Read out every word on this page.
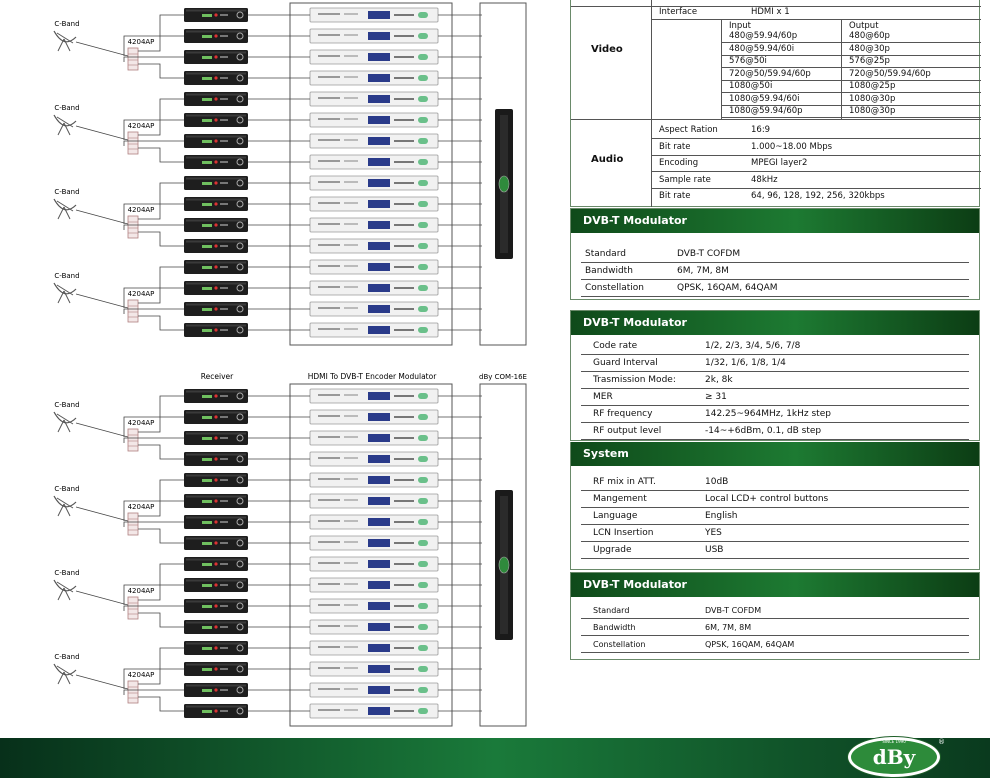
C-Band
4204AP
C-Band
4204AP
C-Band
4204AP
C-Band
4204AP
Receiver	HDMI To DVB-T Encoder Modulator	dBy COM-16E
C-Band
4204AP
C-Band
4204AP
C-Band
4204AP
C-Band
4204AP
Interface	HDMI x 1
Video
Input	Output
480@59.94/60p	480@60p
480@59.94/60i	480@30p
576@50i	576@25p
720@50/59.94/60p	720@50/59.94/60p
1080@50i	1080@25p
1080@59.94/60i	1080@30p
1080@59.94/60p	1080@30p
Audio
Aspect Ration	16:9
Bit rate	1.000~18.00 Mbps
Encoding	MPEGI layer2
Sample rate	48kHz
Bit rate	64, 96, 128, 192, 256, 320kbps
DVB-T Modulator
Standard	DVB-T COFDM
Bandwidth	6M, 7M, 8M
Constellation	QPSK, 16QAM, 64QAM
DVB-T Modulator
Code rate	1/2, 2/3, 3/4, 5/6, 7/8
Guard Interval	1/32, 1/6, 1/8, 1/4
Trasmission Mode:	2k, 8k
MER	≥ 31
RF frequency	142.25~964MHz, 1kHz step
RF output level	-14~+6dBm, 0.1, dB step
System
RF mix in ATT.	10dB
Mangement	Local LCD+ control buttons
Language	English
LCN Insertion	YES
Upgrade	USB
DVB-T Modulator
Standard	DVB-T COFDM
Bandwidth	6M, 7M, 8M
Constellation	QPSK, 16QAM, 64QAM
dBy
®
SINCE 1990
